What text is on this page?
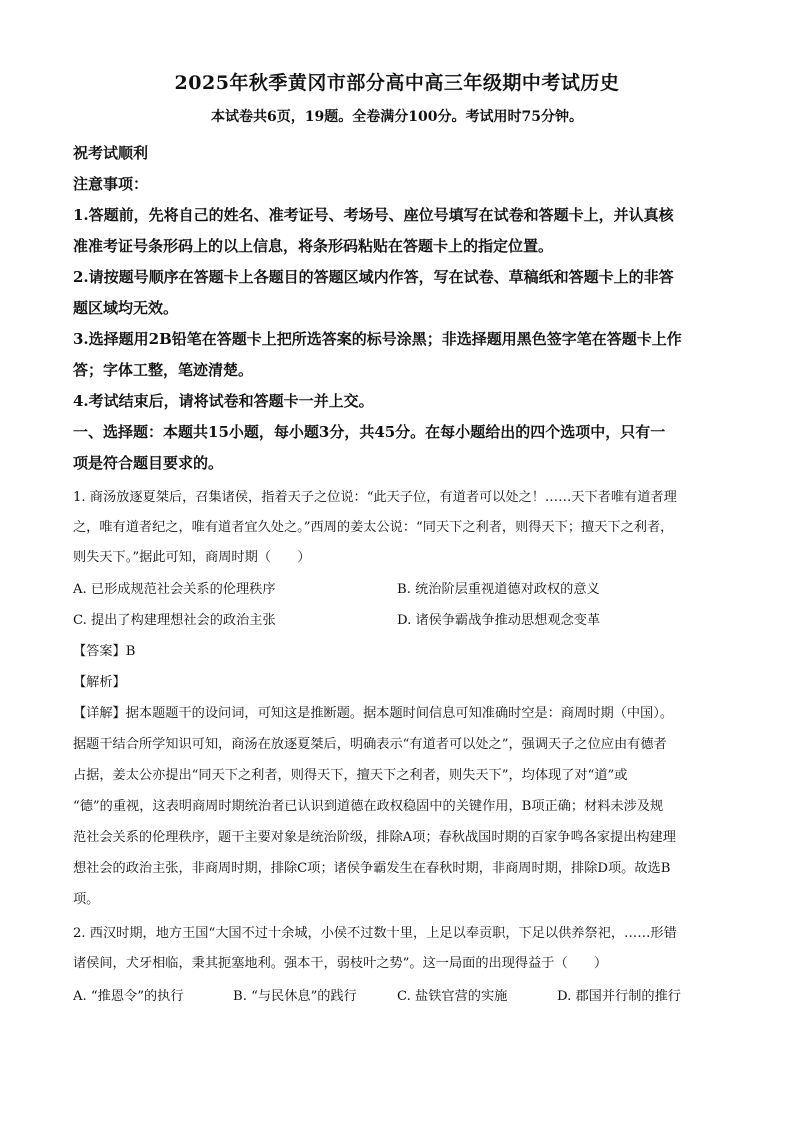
2025年秋季黄冈市部分高中高三年级期中考试历史
本试卷共6页，19题。全卷满分100分。考试用时75分钟。
祝考试顺利
注意事项：
1.答题前，先将自己的姓名、准考证号、考场号、座位号填写在试卷和答题卡上，并认真核
准准考证号条形码上的以上信息，将条形码粘贴在答题卡上的指定位置。
2.请按题号顺序在答题卡上各题目的答题区域内作答，写在试卷、草稿纸和答题卡上的非答
题区域均无效。
3.选择题用2B铅笔在答题卡上把所选答案的标号涂黑；非选择题用黑色签字笔在答题卡上作
答；字体工整，笔迹清楚。
4.考试结束后，请将试卷和答题卡一并上交。
一、选择题：本题共15小题，每小题3分，共45分。在每小题给出的四个选项中，只有一
项是符合题目要求的。
1. 商汤放逐夏桀后，召集诸侯，指着天子之位说：“此天子位，有道者可以处之！……天下者唯有道者理
之，唯有道者纪之，唯有道者宜久处之。”西周的姜太公说：“同天下之利者，则得天下；擅天下之利者，
则失天下。”据此可知，商周时期（　　）
A. 已形成规范社会关系的伦理秩序	B. 统治阶层重视道德对政权的意义
C. 提出了构建理想社会的政治主张	D. 诸侯争霸战争推动思想观念变革
【答案】B
【解析】
【详解】据本题题干的设问词，可知这是推断题。据本题时间信息可知准确时空是：商周时期（中国）。
据题干结合所学知识可知，商汤在放逐夏桀后，明确表示“有道者可以处之”，强调天子之位应由有德者
占据，姜太公亦提出“同天下之利者，则得天下，擅天下之利者，则失天下”，均体现了对“道”或
“德”的重视，这表明商周时期统治者已认识到道德在政权稳固中的关键作用，B项正确；材料未涉及规
范社会关系的伦理秩序，题干主要对象是统治阶级，排除A项；春秋战国时期的百家争鸣各家提出构建理
想社会的政治主张，非商周时期，排除C项；诸侯争霸发生在春秋时期，非商周时期，排除D项。故选B
项。
2. 西汉时期，地方王国“大国不过十余城，小侯不过数十里，上足以奉贡职，下足以供养祭祀，……形错
诸侯间，犬牙相临，秉其扼塞地利。强本干，弱枝叶之势”。这一局面的出现得益于（　　）
A. “推恩令”的执行	B. “与民休息”的践行	C. 盐铁官营的实施	D. 郡国并行制的推行
